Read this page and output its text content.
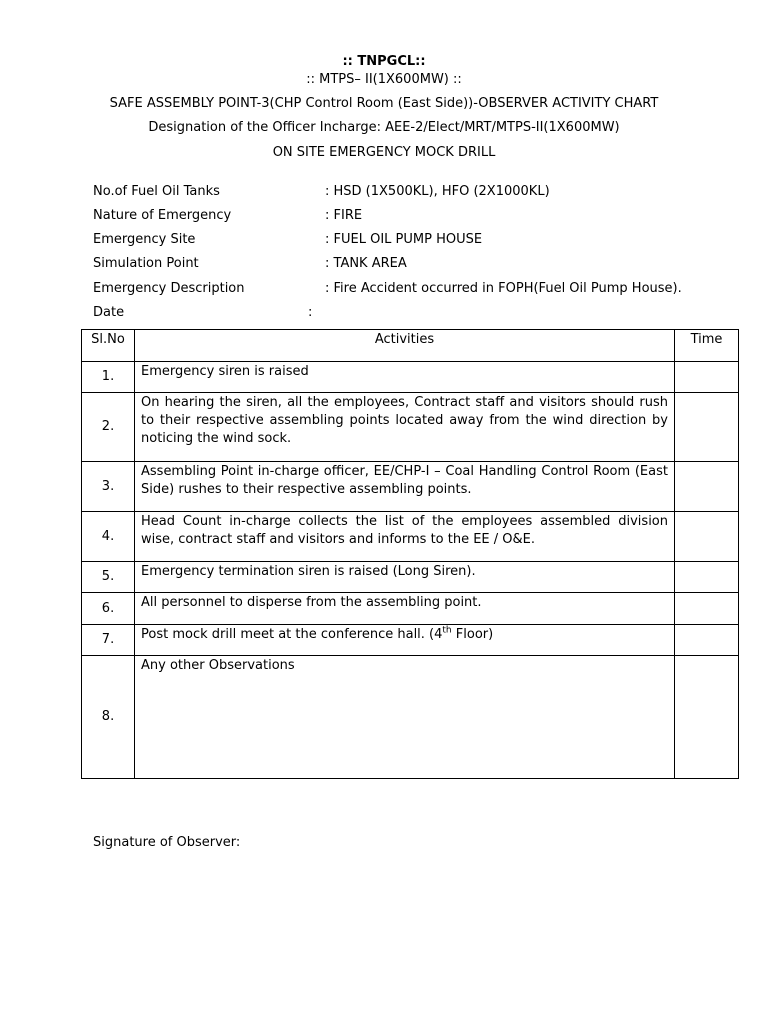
:: TNPGCL::
:: MTPS– II(1X600MW) ::
SAFE ASSEMBLY POINT-3(CHP Control Room (East Side))-OBSERVER ACTIVITY CHART
Designation of the Officer Incharge: AEE-2/Elect/MRT/MTPS-II(1X600MW)
ON SITE EMERGENCY MOCK DRILL
No.of Fuel Oil Tanks	: HSD (1X500KL), HFO (2X1000KL)
Nature of Emergency	: FIRE
Emergency Site	: FUEL OIL PUMP HOUSE
Simulation Point	: TANK AREA
Emergency Description	: Fire Accident occurred in FOPH(Fuel Oil Pump House).
Date	:
Sl.No	Activities	Time
1.	Emergency siren is raised	
2.	On hearing the siren, all the employees, Contract staff and visitors should rush to their respective assembling points located away from the wind direction by noticing the wind sock.	
3.	Assembling Point in-charge officer, EE/CHP-I – Coal Handling Control Room (East Side) rushes to their respective assembling points.	
4.	Head Count in-charge collects the list of the employees assembled division wise, contract staff and visitors and informs to the EE / O&E.	
5.	Emergency termination siren is raised (Long Siren).	
6.	All personnel to disperse from the assembling point.	
7.	Post mock drill meet at the conference hall. (4th Floor)	
8.	Any other Observations	
Signature of Observer:
